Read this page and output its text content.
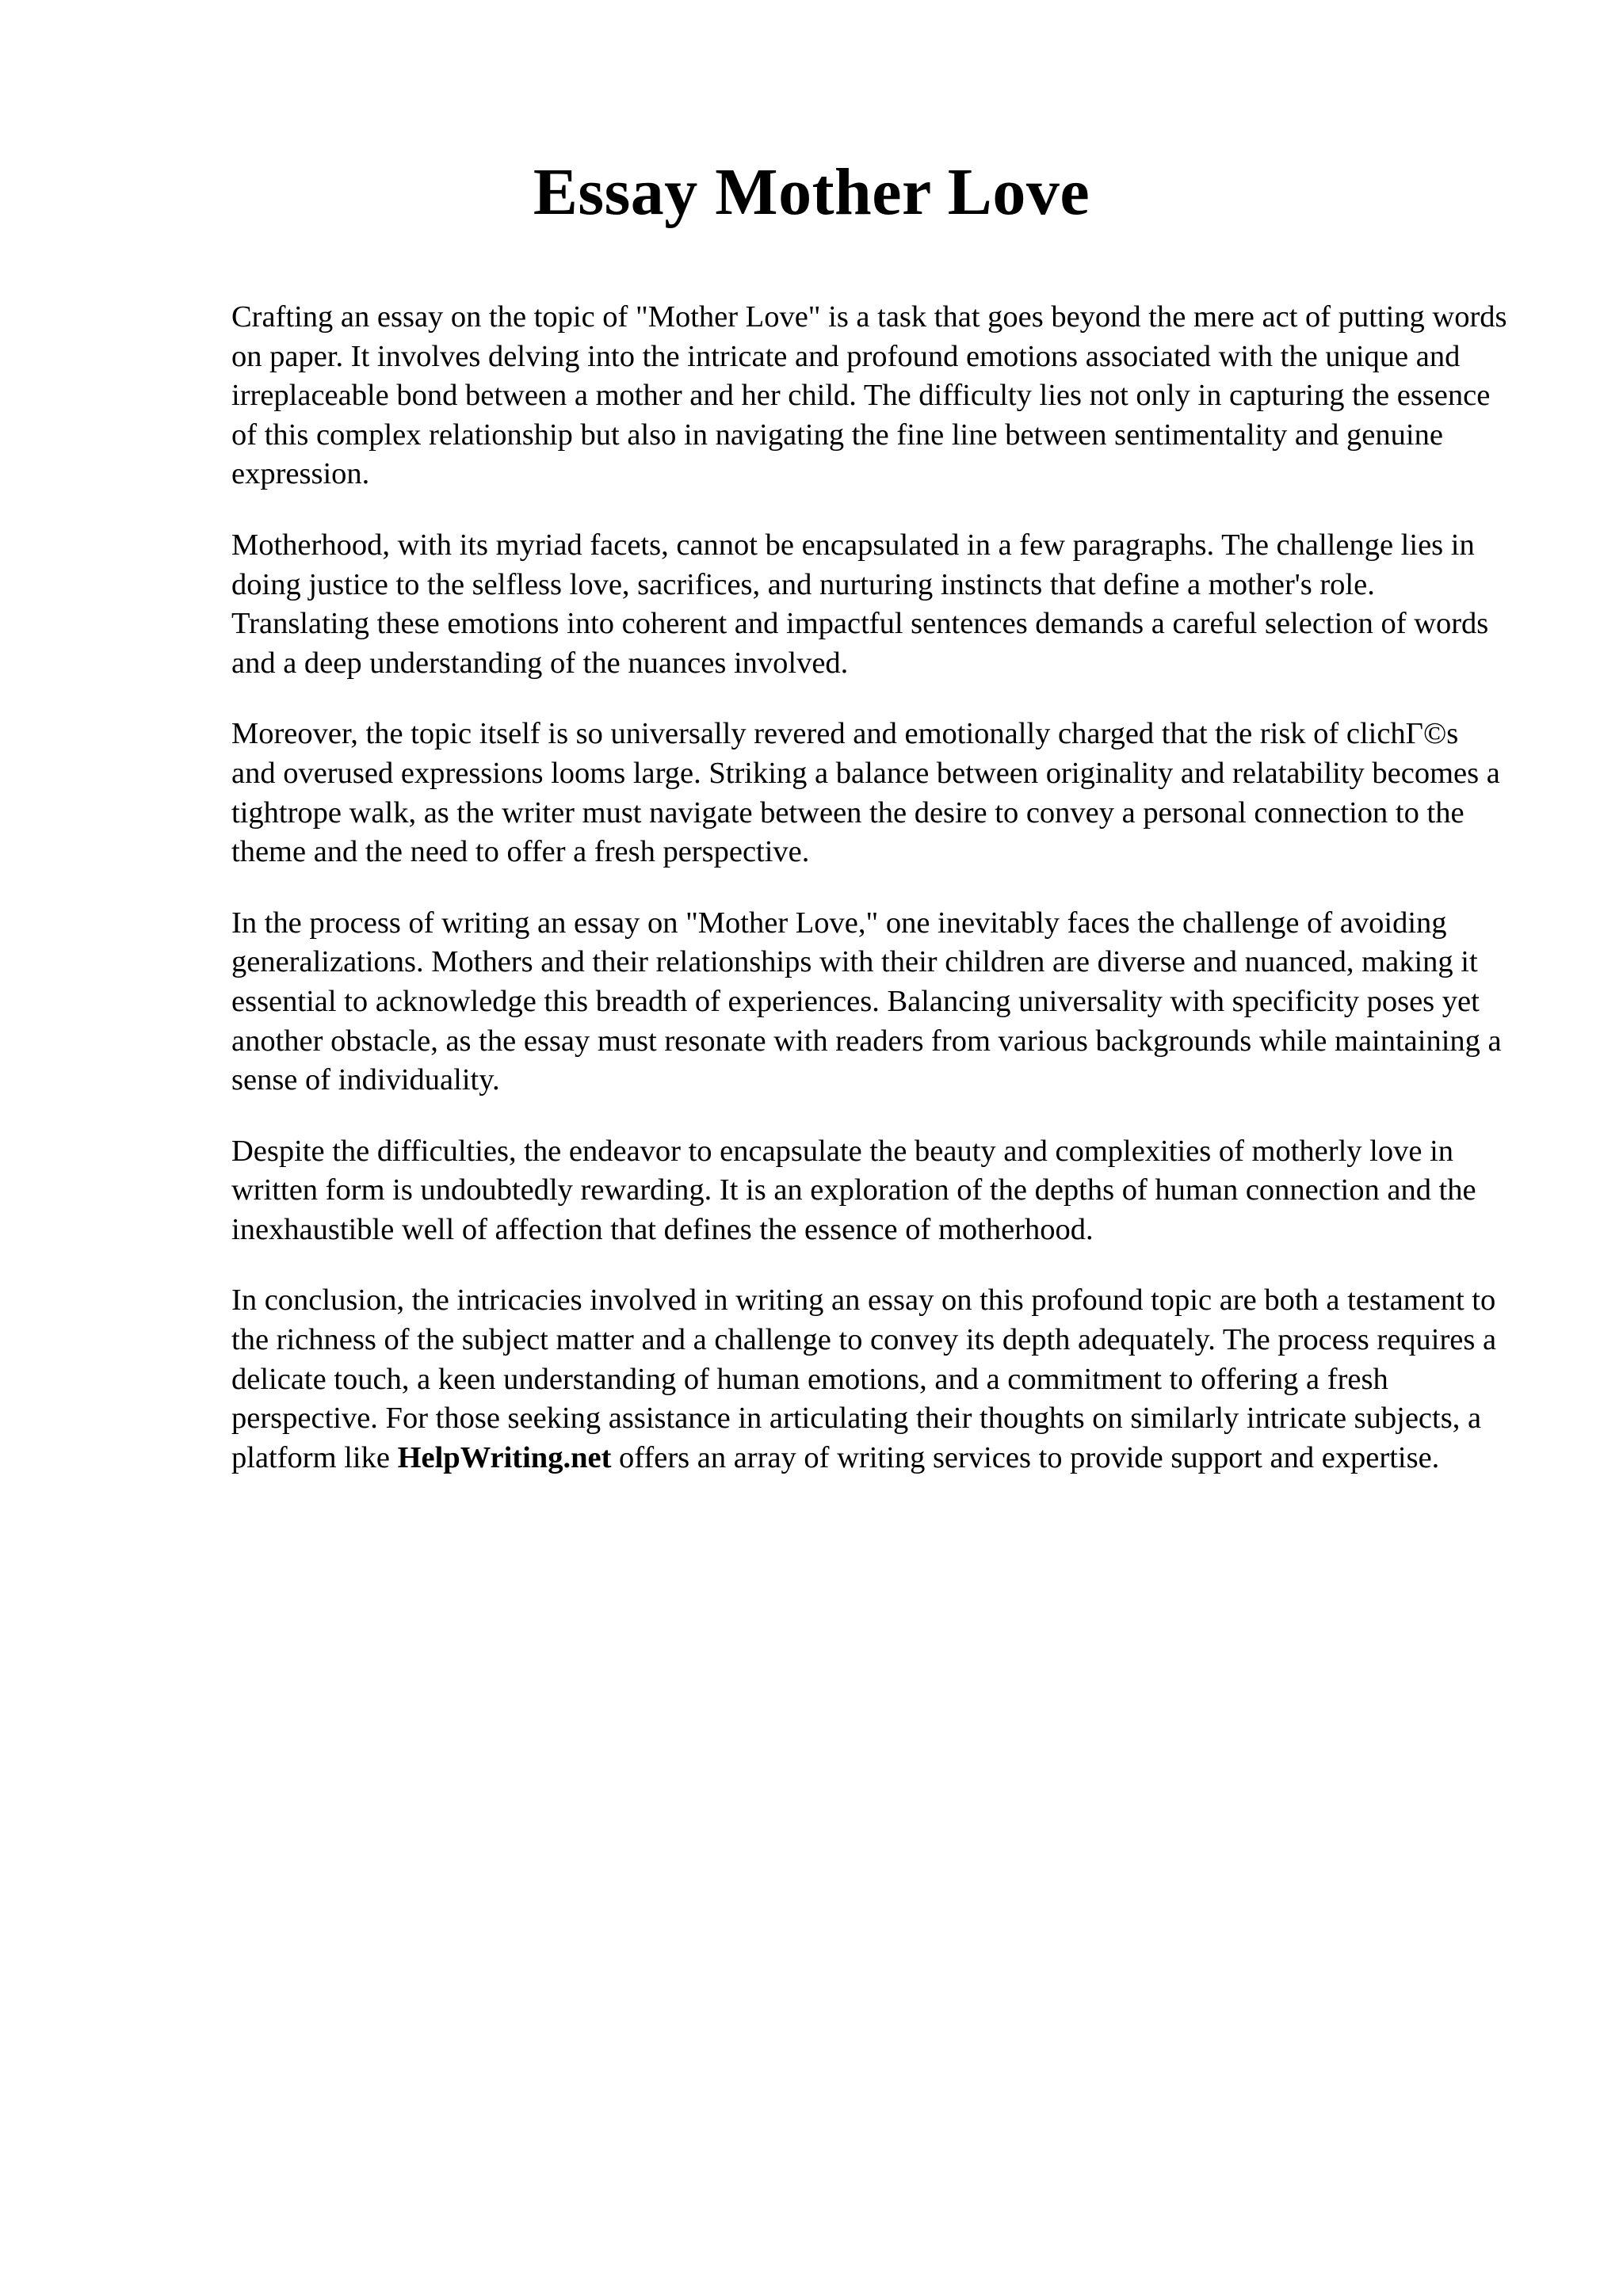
Essay Mother Love

Crafting an essay on the topic of "Mother Love" is a task that goes beyond the mere act of putting words on paper. It involves delving into the intricate and profound emotions associated with the unique and irreplaceable bond between a mother and her child. The difficulty lies not only in capturing the essence of this complex relationship but also in navigating the fine line between sentimentality and genuine expression.

Motherhood, with its myriad facets, cannot be encapsulated in a few paragraphs. The challenge lies in doing justice to the selfless love, sacrifices, and nurturing instincts that define a mother's role. Translating these emotions into coherent and impactful sentences demands a careful selection of words and a deep understanding of the nuances involved.

Moreover, the topic itself is so universally revered and emotionally charged that the risk of clichΓ©s and overused expressions looms large. Striking a balance between originality and relatability becomes a tightrope walk, as the writer must navigate between the desire to convey a personal connection to the theme and the need to offer a fresh perspective.

In the process of writing an essay on "Mother Love," one inevitably faces the challenge of avoiding generalizations. Mothers and their relationships with their children are diverse and nuanced, making it essential to acknowledge this breadth of experiences. Balancing universality with specificity poses yet another obstacle, as the essay must resonate with readers from various backgrounds while maintaining a sense of individuality.

Despite the difficulties, the endeavor to encapsulate the beauty and complexities of motherly love in written form is undoubtedly rewarding. It is an exploration of the depths of human connection and the inexhaustible well of affection that defines the essence of motherhood.

In conclusion, the intricacies involved in writing an essay on this profound topic are both a testament to the richness of the subject matter and a challenge to convey its depth adequately. The process requires a delicate touch, a keen understanding of human emotions, and a commitment to offering a fresh perspective. For those seeking assistance in articulating their thoughts on similarly intricate subjects, a platform like HelpWriting.net offers an array of writing services to provide support and expertise.
